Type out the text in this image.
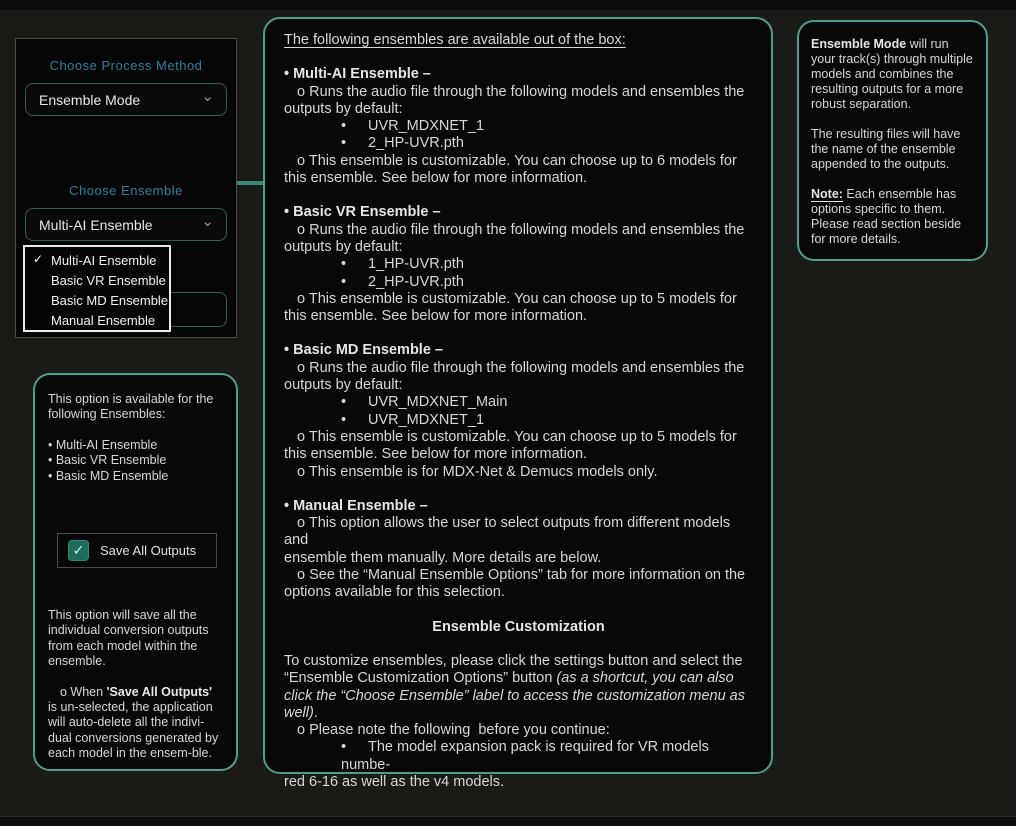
Choose Process Method
Ensemble Mode	⌄
Choose Ensemble
Multi-AI Ensemble	⌄
✓ Multi-AI Ensemble
Basic VR Ensemble
Basic MD Ensemble
Manual Ensemble

The following ensembles are available out of the box:

• Multi-AI Ensemble –

o Runs the audio file through the following models and ensembles the outputs by default:

• UVR_MDXNET_1

• 2_HP-UVR.pth

o This ensemble is customizable. You can choose up to 6 models for this ensemble. See below for more information.

• Basic VR Ensemble –

o Runs the audio file through the following models and ensembles the outputs by default:

• 1_HP-UVR.pth

• 2_HP-UVR.pth

o This ensemble is customizable. You can choose up to 5 models for this ensemble. See below for more information.

• Basic MD Ensemble –

o Runs the audio file through the following models and ensembles the outputs by default:

• UVR_MDXNET_Main

• UVR_MDXNET_1

o This ensemble is customizable. You can choose up to 5 models for this ensemble. See below for more information.

o This ensemble is for MDX-Net & Demucs models only.

• Manual Ensemble –

o This option allows the user to select outputs from different models and

ensemble them manually. More details are below.

o See the “Manual Ensemble Options” tab for more information on the options available for this selection.

Ensemble Customization

To customize ensembles, please click the settings button and select the “Ensemble Customization Options” button (as a shortcut, you can also click the “Choose Ensemble” label to access the customization menu as well).

o Please note the following  before you continue:

• The model expansion pack is required for VR models numbe-

red 6-16 as well as the v4 models.

Ensemble Mode will run your track(s) through multiple models and combines the resulting outputs for a more robust separation.

The resulting files will have the name of the ensemble appended to the outputs.

Note: Each ensemble has options specific to them. Please read section beside for more details.

This option is available for the following Ensembles:

• Multi-AI Ensemble

• Basic VR Ensemble

• Basic MD Ensemble

✓ Save All Outputs

This option will save all the individual conversion outputs from each model within the ensemble.

o When 'Save All Outputs' is un-selected, the application will auto-delete all the indivi-dual conversions generated by each model in the ensem-ble.
